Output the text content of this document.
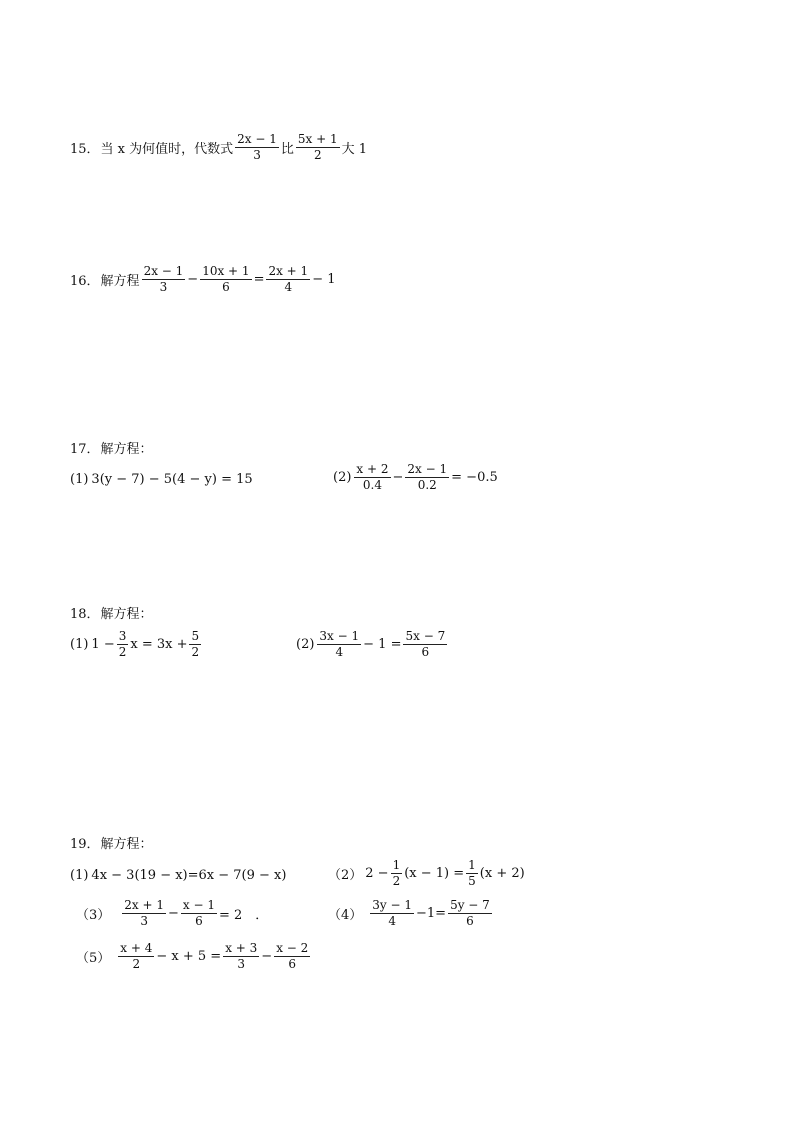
15． 当 x 为何值时，代数式 $\frac{2x - 1}{3}$ 比 $\frac{5x + 1}{2}$ 大 1
16． 解方程 $\frac{2x - 1}{3} - \frac{10x + 1}{6} = \frac{2x + 1}{4} - 1$
17． 解方程：
(1) 3(y − 7) − 5(4 − y) = 15	$(2) \frac{x + 2}{0.4} - \frac{2x - 1}{0.2} = -0.5$
18． 解方程：
(1) $1 - \frac{3}{2}$ $x = 3x + \frac{5}{2}$	$(2) \frac{3x - 1}{4} - 1 = \frac{5x - 7}{6}$
19． 解方程：
(1) 4x − 3(19 − x)=6x − 7(9 − x)	（2） $2 - \frac{1}{2} (x - 1) = \frac{1}{5} (x + 2)$
$(3) \frac{2x + 1}{3} - \frac{x - 1}{6} = 2$　．	$(4) \frac{3y - 1}{4} -1= \frac{5y - 7}{6}$
$(5) \frac{x + 4}{2} - x + 5 = \frac{x + 3}{3} - \frac{x - 2}{6}$
